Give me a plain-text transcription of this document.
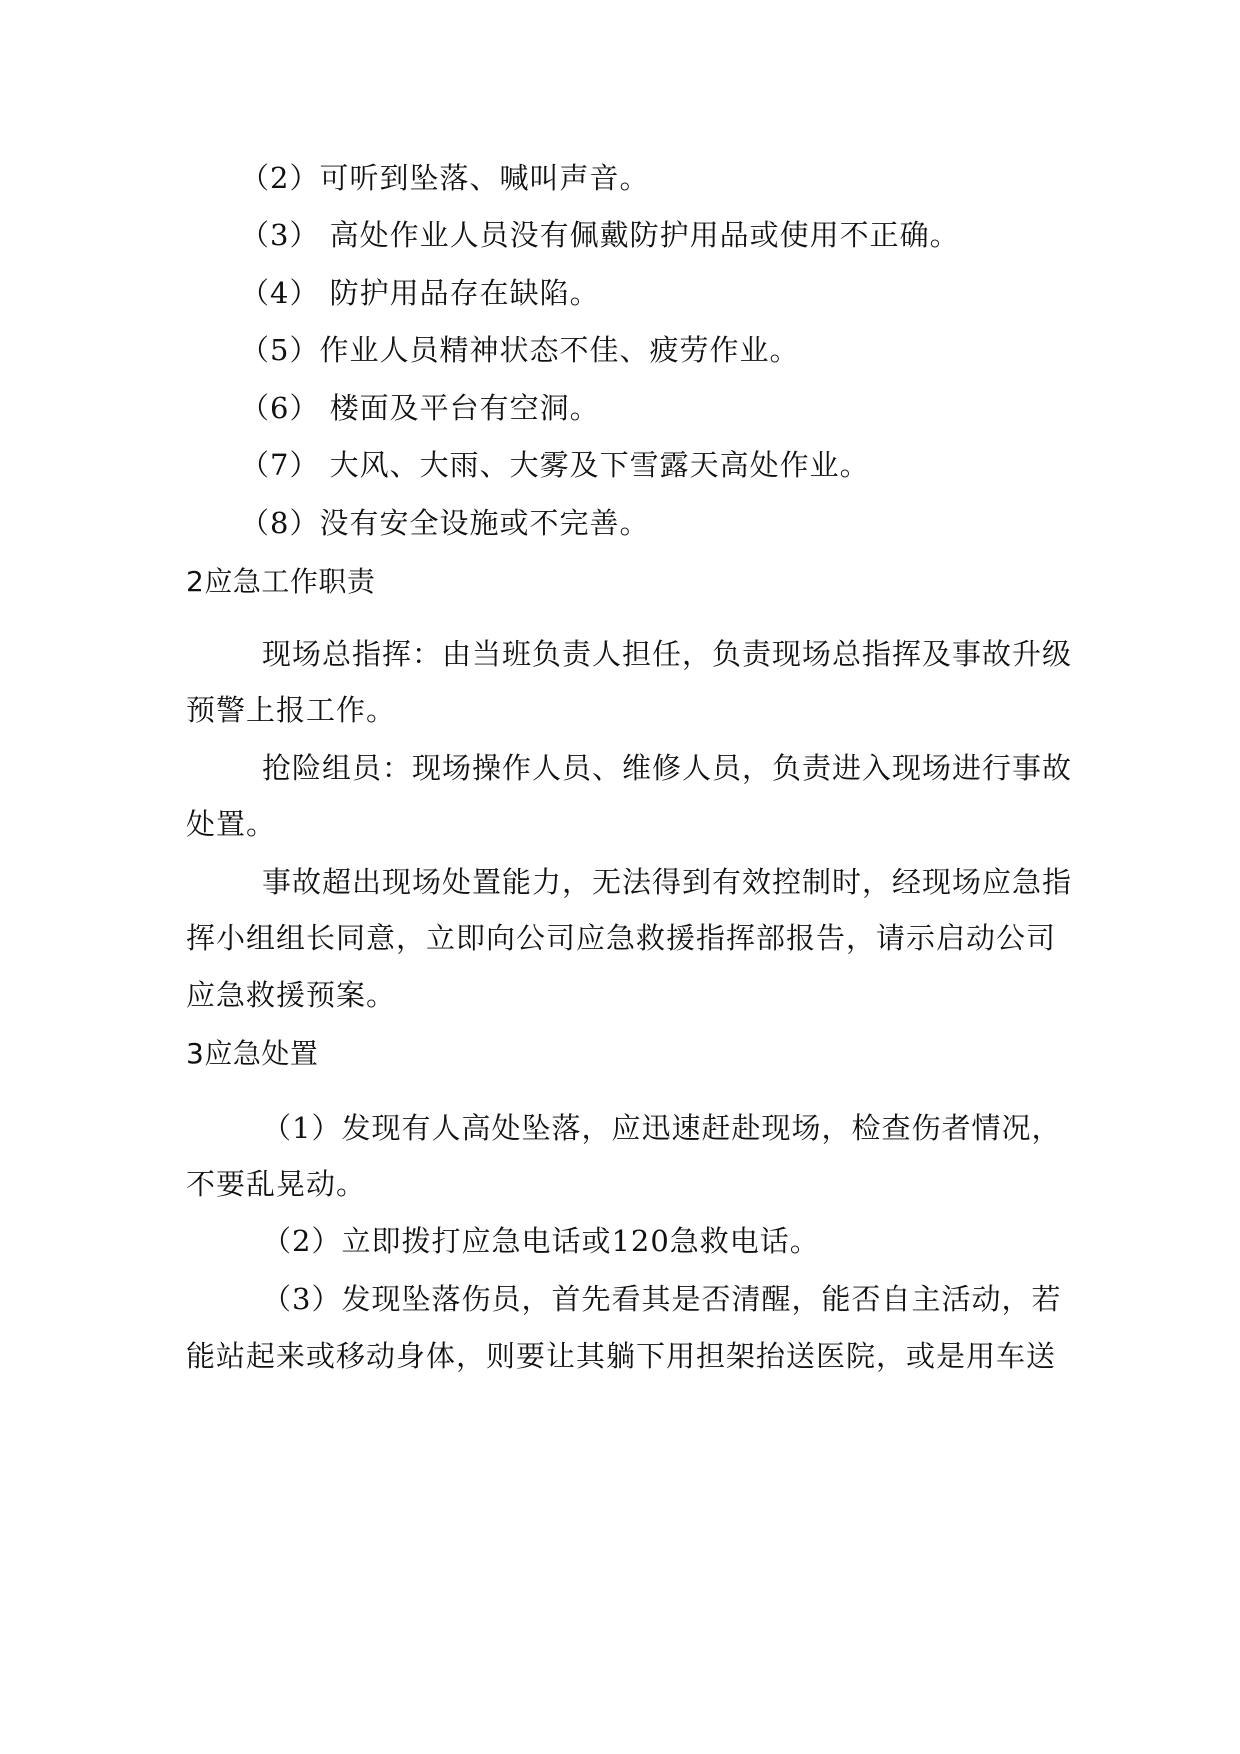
（2）可听到坠落、喊叫声音。
（3） 高处作业人员没有佩戴防护用品或使用不正确。
（4） 防护用品存在缺陷。
（5）作业人员精神状态不佳、疲劳作业。
（6） 楼面及平台有空洞。
（7） 大风、大雨、大雾及下雪露天高处作业。
（8）没有安全设施或不完善。
2应急工作职责
现场总指挥：由当班负责人担任，负责现场总指挥及事故升级
预警上报工作。
抢险组员：现场操作人员、维修人员，负责进入现场进行事故
处置。
事故超出现场处置能力，无法得到有效控制时，经现场应急指
挥小组组长同意，立即向公司应急救援指挥部报告，请示启动公司
应急救援预案。
3应急处置
（1）发现有人高处坠落，应迅速赶赴现场，检查伤者情况，
不要乱晃动。
（2）立即拨打应急电话或120急救电话。
（3）发现坠落伤员，首先看其是否清醒，能否自主活动，若
能站起来或移动身体，则要让其躺下用担架抬送医院，或是用车送
